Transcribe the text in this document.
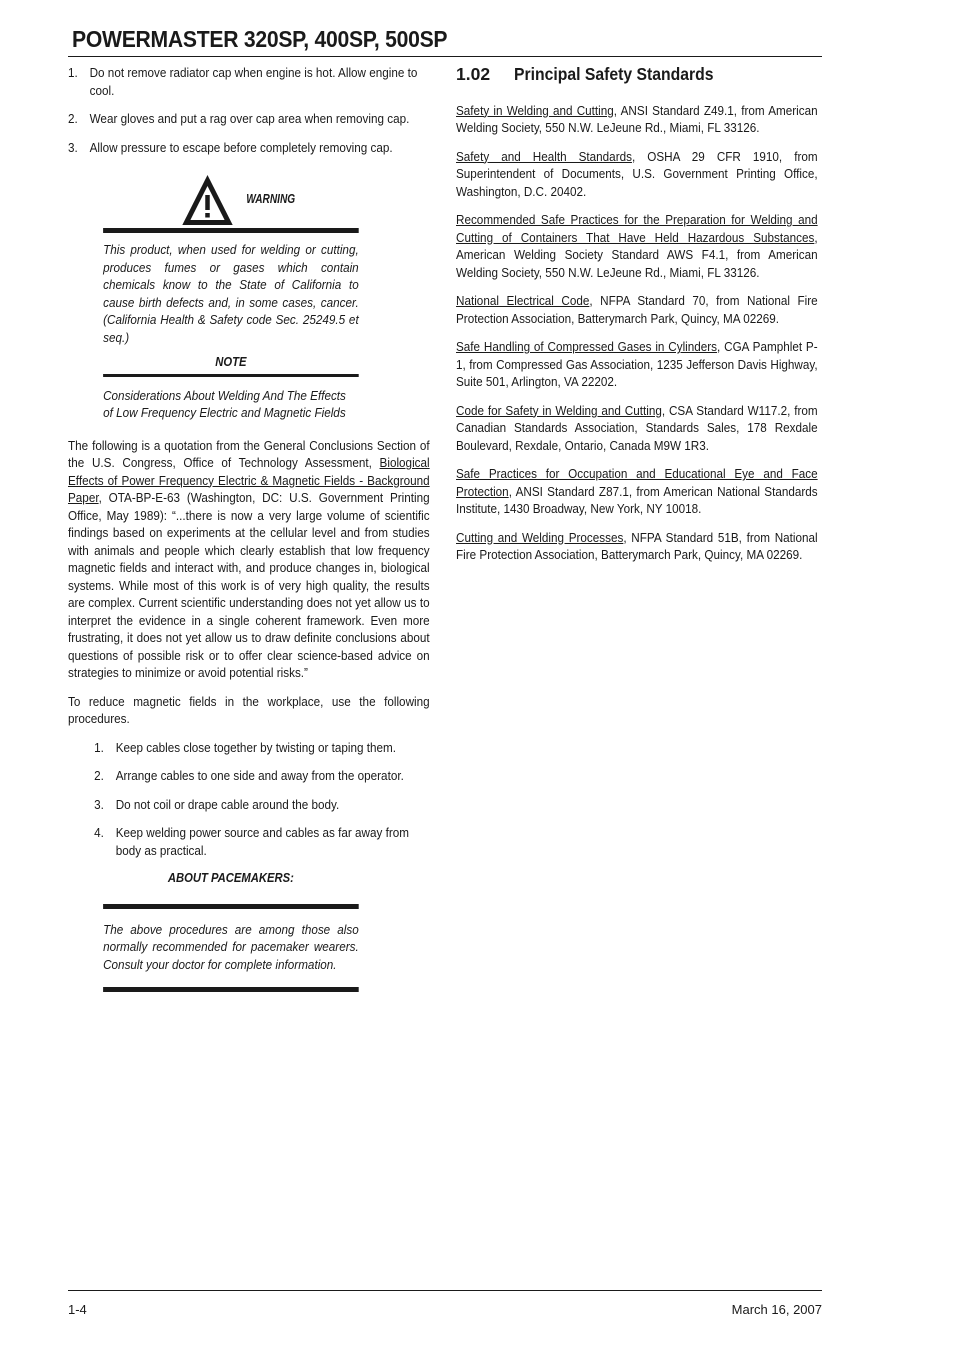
POWERMASTER 320SP, 400SP, 500SP
1. Do not remove radiator cap when engine is hot. Allow engine to cool.
2. Wear gloves and put a rag over cap area when removing cap.
3. Allow pressure to escape before completely removing cap.
WARNING

This product, when used for welding or cutting, produces fumes or gases which contain chemicals know to the State of California to cause birth defects and, in some cases, cancer. (California Health & Safety code Sec. 25249.5 et seq.)

NOTE

Considerations About Welding And The Effects of Low Frequency Electric and Magnetic Fields

The following is a quotation from the General Conclusions Section of the U.S. Congress, Office of Technology Assessment, Biological Effects of Power Frequency Electric & Magnetic Fields - Background Paper, OTA-BP-E-63 (Washington, DC: U.S. Government Printing Office, May 1989): “...there is now a very large volume of scientific findings based on experiments at the cellular level and from studies with animals and people which clearly establish that low frequency magnetic fields and interact with, and produce changes in, biological systems. While most of this work is of very high quality, the results are complex. Current scientific understanding does not yet allow us to interpret the evidence in a single coherent framework. Even more frustrating, it does not yet allow us to draw definite conclusions about questions of possible risk or to offer clear science-based advice on strategies to minimize or avoid potential risks.”

To reduce magnetic fields in the workplace, use the following procedures.

1. Keep cables close together by twisting or taping them.
2. Arrange cables to one side and away from the operator.
3. Do not coil or drape cable around the body.
4. Keep welding power source and cables as far away from body as practical.
ABOUT PACEMAKERS:

The above procedures are among those also normally recommended for pacemaker wearers. Consult your doctor for complete information.

1.02	Principal Safety Standards

Safety in Welding and Cutting, ANSI Standard Z49.1, from American Welding Society, 550 N.W. LeJeune Rd., Miami, FL 33126.

Safety and Health Standards, OSHA 29 CFR 1910, from Superintendent of Documents, U.S. Government Printing Office, Washington, D.C. 20402.

Recommended Safe Practices for the Preparation for Welding and Cutting of Containers That Have Held Hazardous Substances, American Welding Society Standard AWS F4.1, from American Welding Society, 550 N.W. LeJeune Rd., Miami, FL 33126.

National Electrical Code, NFPA Standard 70, from National Fire Protection Association, Batterymarch Park, Quincy, MA 02269.

Safe Handling of Compressed Gases in Cylinders, CGA Pamphlet P-1, from Compressed Gas Association, 1235 Jefferson Davis Highway, Suite 501, Arlington, VA 22202.

Code for Safety in Welding and Cutting, CSA Standard W117.2, from Canadian Standards Association, Standards Sales, 178 Rexdale Boulevard, Rexdale, Ontario, Canada M9W 1R3.

Safe Practices for Occupation and Educational Eye and Face Protection, ANSI Standard Z87.1, from American National Standards Institute, 1430 Broadway, New York, NY 10018.

Cutting and Welding Processes, NFPA Standard 51B, from National Fire Protection Association, Batterymarch Park, Quincy, MA 02269.

1-4	March 16, 2007
